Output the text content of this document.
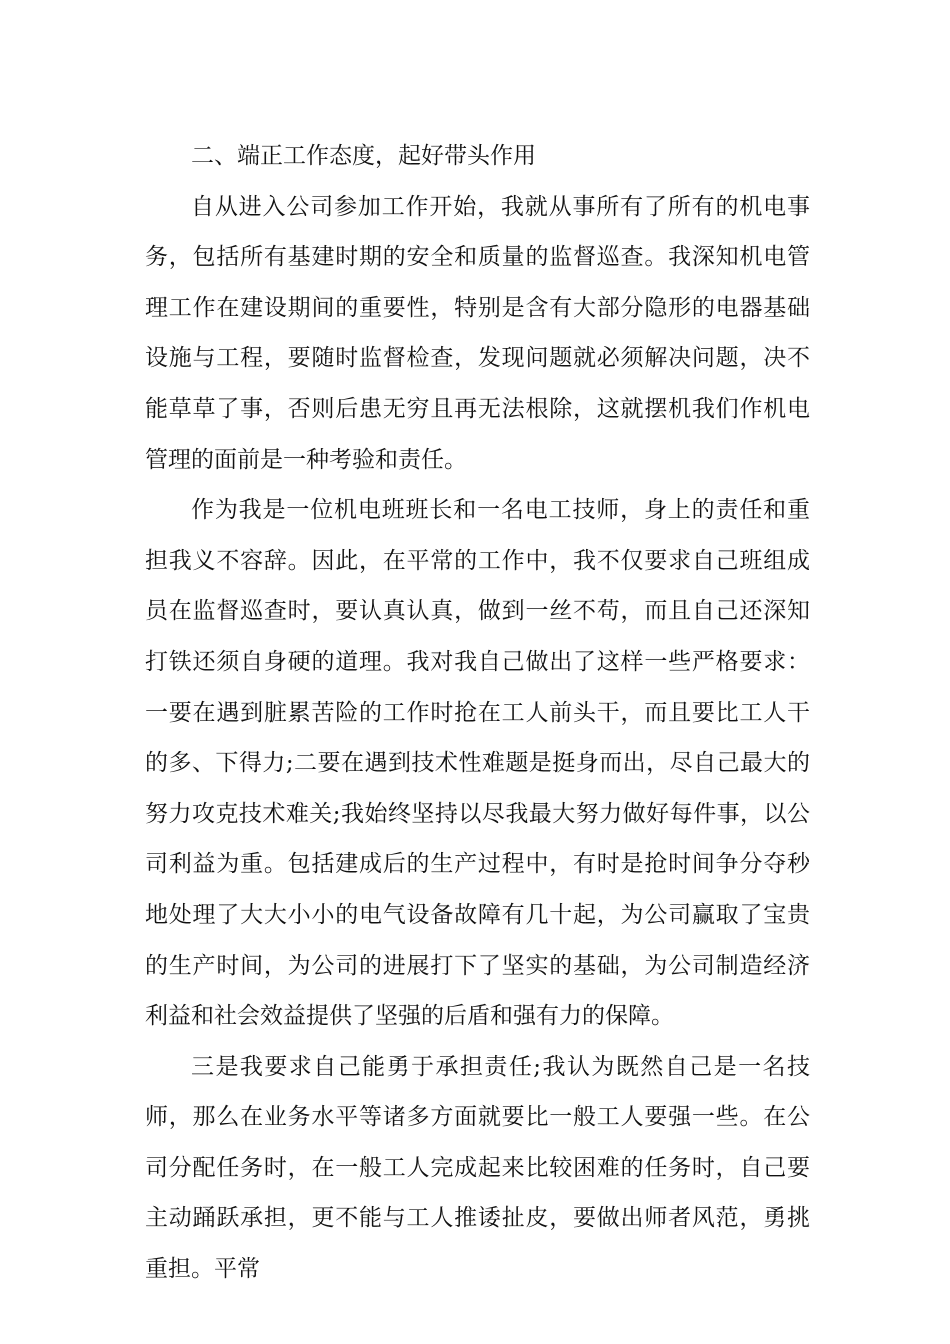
二、端正工作态度，起好带头作用

自从进入公司参加工作开始，我就从事所有了所有的机电事务，包括所有基建时期的安全和质量的监督巡查。我深知机电管理工作在建设期间的重要性，特别是含有大部分隐形的电器基础设施与工程，要随时监督检查，发现问题就必须解决问题，决不能草草了事，否则后患无穷且再无法根除，这就摆机我们作机电管理的面前是一种考验和责任。

作为我是一位机电班班长和一名电工技师，身上的责任和重担我义不容辞。因此，在平常的工作中，我不仅要求自己班组成员在监督巡查时，要认真认真，做到一丝不苟，而且自己还深知打铁还须自身硬的道理。我对我自己做出了这样一些严格要求：一要在遇到脏累苦险的工作时抢在工人前头干，而且要比工人干的多、下得力;二要在遇到技术性难题是挺身而出，尽自己最大的努力攻克技术难关;我始终坚持以尽我最大努力做好每件事，以公司利益为重。包括建成后的生产过程中，有时是抢时间争分夺秒地处理了大大小小的电气设备故障有几十起，为公司赢取了宝贵的生产时间，为公司的进展打下了坚实的基础，为公司制造经济利益和社会效益提供了坚强的后盾和强有力的保障。

三是我要求自己能勇于承担责任;我认为既然自己是一名技师，那么在业务水平等诸多方面就要比一般工人要强一些。在公司分配任务时，在一般工人完成起来比较困难的任务时，自己要主动踊跃承担，更不能与工人推诿扯皮，要做出师者风范，勇挑重担。平常
